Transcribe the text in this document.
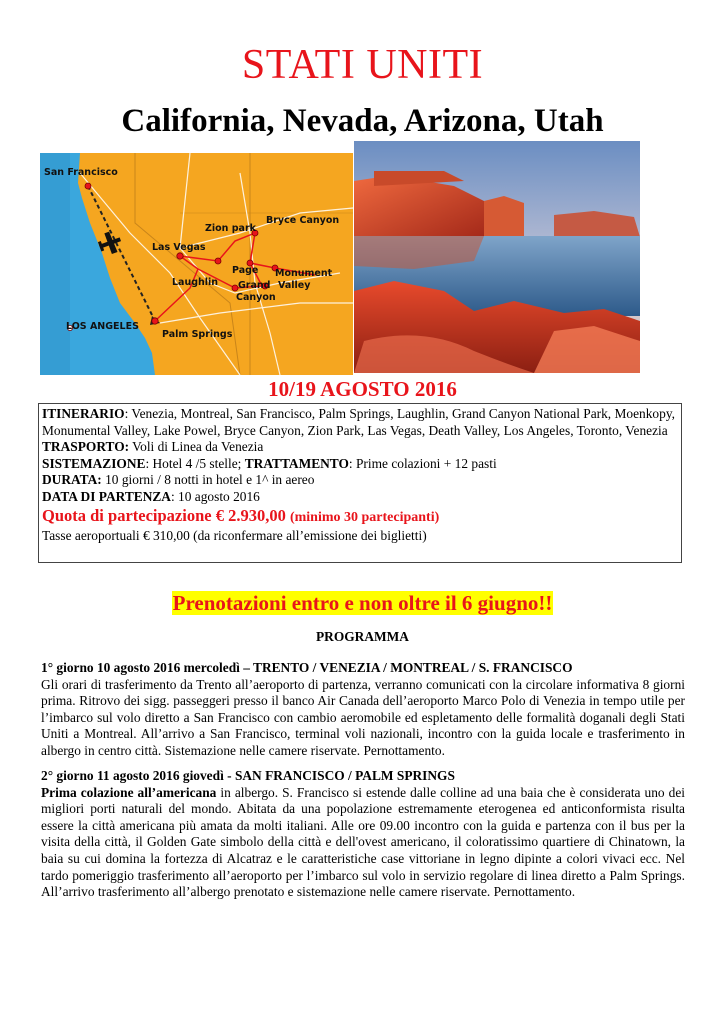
STATI UNITI
California, Nevada, Arizona, Utah
San Francisco
Las Vegas
Zion park
Bryce Canyon
Page Monument
Valley
Laughlin Grand
Canyon
LOS ANGELES
Palm Springs
10/19 AGOSTO 2016

ITINERARIO: Venezia, Montreal, San Francisco, Palm Springs, Laughlin, Grand Canyon National Park, Moenkopy, Monumental Valley, Lake Powel, Bryce Canyon, Zion Park, Las Vegas, Death Valley, Los Angeles, Toronto, Venezia

TRASPORTO: Voli di Linea da Venezia

SISTEMAZIONE: Hotel 4 /5 stelle; TRATTAMENTO: Prime colazioni + 12 pasti

DURATA: 10 giorni / 8 notti in hotel e 1^ in aereo

DATA DI PARTENZA: 10 agosto 2016

Quota di partecipazione € 2.930,00 (minimo 30 partecipanti)

Tasse aeroportuali € 310,00 (da riconfermare all’emissione dei biglietti)

Prenotazioni entro e non oltre il 6 giugno!!
PROGRAMMA
1° giorno 10 agosto 2016 mercoledì – TRENTO / VENEZIA / MONTREAL / S. FRANCISCO
Gli orari di trasferimento da Trento all’aeroporto di partenza, verranno comunicati con la circolare informativa 8 giorni prima. Ritrovo dei sigg. passeggeri presso il banco Air Canada dell’aeroporto Marco Polo di Venezia in tempo utile per l’imbarco sul volo diretto a San Francisco con cambio aeromobile ed espletamento delle formalità doganali degli Stati Uniti a Montreal. All’arrivo a San Francisco, terminal voli nazionali, incontro con la guida locale e trasferimento in albergo in centro città. Sistemazione nelle camere riservate. Pernottamento.
2° giorno 11 agosto 2016 giovedì - SAN FRANCISCO / PALM SPRINGS
Prima colazione all’americana in albergo. S. Francisco si estende dalle colline ad una baia che è considerata uno dei migliori porti naturali del mondo. Abitata da una popolazione estremamente eterogenea ed anticonformista risulta essere la città americana più amata da molti italiani. Alle ore 09.00 incontro con la guida e partenza con il bus per la visita della città, il Golden Gate simbolo della città e dell'ovest americano, il coloratissimo quartiere di Chinatown, la baia su cui domina la fortezza di Alcatraz e le caratteristiche case vittoriane in legno dipinte a colori vivaci ecc. Nel tardo pomeriggio trasferimento all’aeroporto per l’imbarco sul volo in servizio regolare di linea diretto a Palm Springs. All’arrivo trasferimento all’albergo prenotato e sistemazione nelle camere riservate. Pernottamento.
